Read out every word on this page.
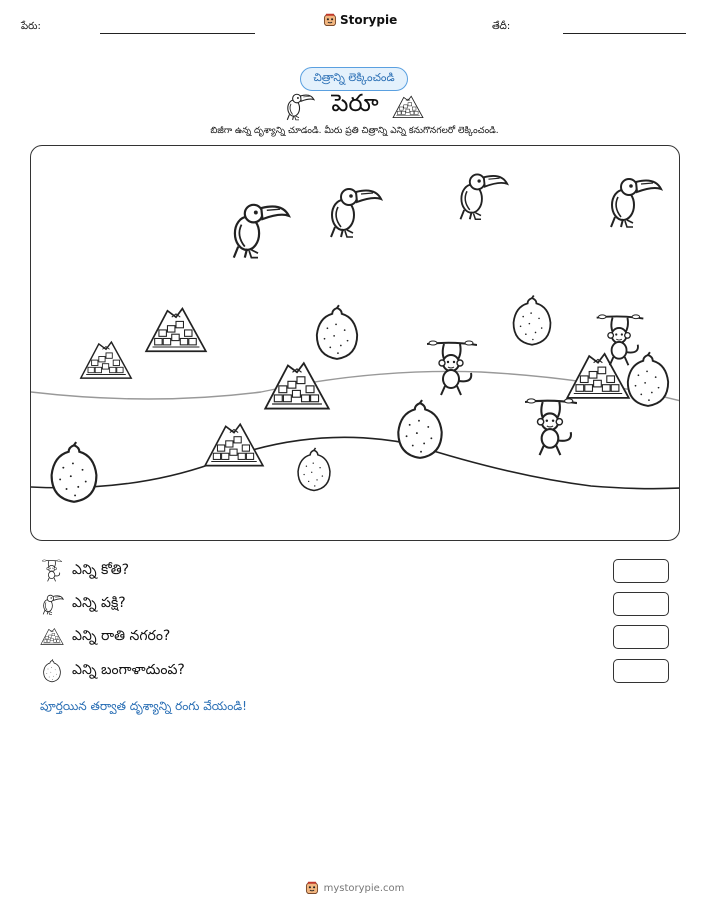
పేరు:	Storypie	తేదీ:
చిత్రాన్ని లెక్కించండి
పెరూ
బిజీగా ఉన్న దృశ్యాన్ని చూడండి. మీరు ప్రతి చిత్రాన్ని ఎన్ని కనుగొనగలరో లెక్కించండి.
ఎన్ని కోతి?
ఎన్ని పక్షి?
ఎన్ని రాతి నగరం?
ఎన్ని బంగాళాదుంప?
పూర్తయిన తర్వాత దృశ్యాన్ని రంగు వేయండి!
mystorypie.com
